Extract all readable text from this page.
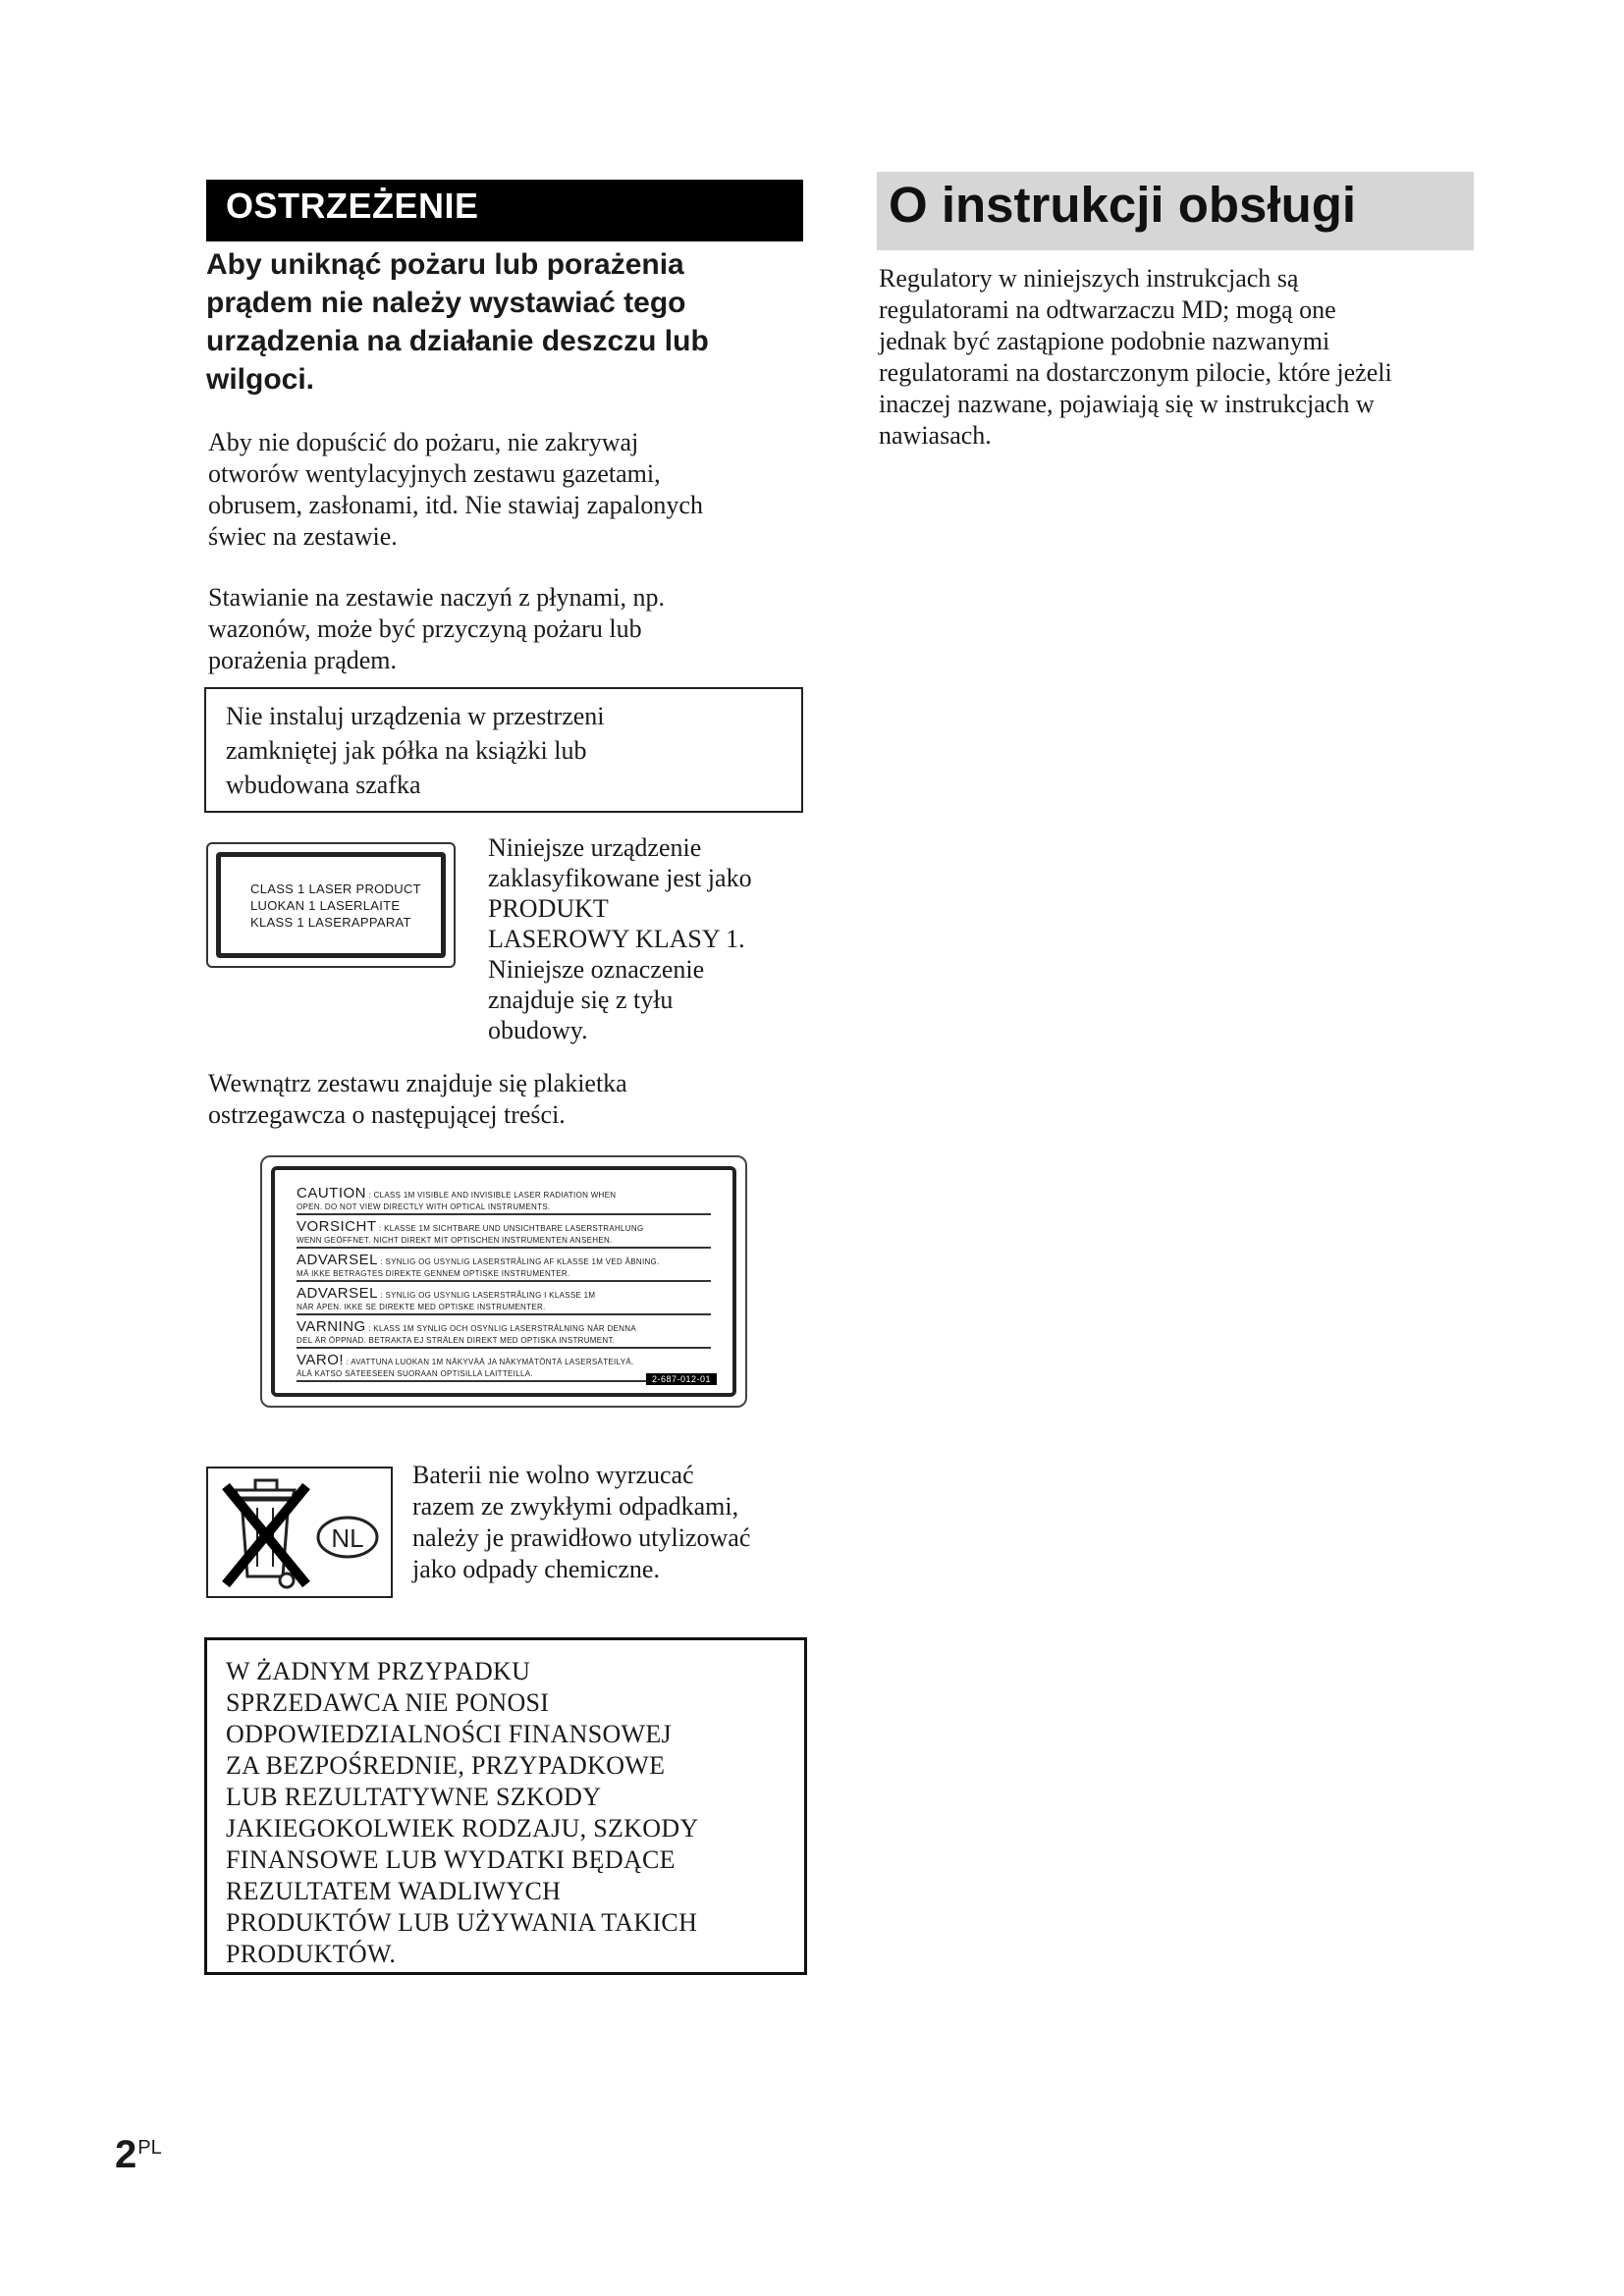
OSTRZEŻENIE
Aby uniknąć pożaru lub porażenia
prądem nie należy wystawiać tego
urządzenia na działanie deszczu lub
wilgoci.
Aby nie dopuścić do pożaru, nie zakrywaj
otworów wentylacyjnych zestawu gazetami,
obrusem, zasłonami, itd. Nie stawiaj zapalonych
świec na zestawie.
Stawianie na zestawie naczyń z płynami, np.
wazonów, może być przyczyną pożaru lub
porażenia prądem.
Nie instaluj urządzenia w przestrzeni
zamkniętej jak półka na książki lub
wbudowana szafka
CLASS 1 LASER PRODUCT
LUOKAN 1 LASERLAITE
KLASS 1 LASERAPPARAT
Niniejsze urządzenie
zaklasyfikowane jest jako
PRODUKT
LASEROWY KLASY 1.
Niniejsze oznaczenie
znajduje się z tyłu
obudowy.
Wewnątrz zestawu znajduje się plakietka
ostrzegawcza o następującej treści.
CAUTION : CLASS 1M VISIBLE AND INVISIBLE LASER RADIATION WHEN
OPEN. DO NOT VIEW DIRECTLY WITH OPTICAL INSTRUMENTS.
VORSICHT : KLASSE 1M SICHTBARE UND UNSICHTBARE LASERSTRAHLUNG
WENN GEÖFFNET. NICHT DIREKT MIT OPTISCHEN INSTRUMENTEN ANSEHEN.
ADVARSEL : SYNLIG OG USYNLIG LASERSTRÅLING AF KLASSE 1M VED ÅBNING.
MÅ IKKE BETRAGTES DIREKTE GENNEM OPTISKE INSTRUMENTER.
ADVARSEL : SYNLIG OG USYNLIG LASERSTRÅLING I KLASSE 1M
NÅR ÅPEN. IKKE SE DIREKTE MED OPTISKE INSTRUMENTER.
VARNING : KLASS 1M SYNLIG OCH OSYNLIG LASERSTRÅLNING NÄR DENNA
DEL ÄR ÖPPNAD. BETRAKTA EJ STRÅLEN DIREKT MED OPTISKA INSTRUMENT.
VARO! : AVATTUNA LUOKAN 1M NÄKYVÄÄ JA NÄKYMÄTÖNTÄ LASERSÄTEILYÄ.
ÄLÄ KATSO SÄTEESEEN SUORAAN OPTISILLA LAITTEILLA.
2-687-012-01
NL
Baterii nie wolno wyrzucać
razem ze zwykłymi odpadkami,
należy je prawidłowo utylizować
jako odpady chemiczne.
W ŻADNYM PRZYPADKU
SPRZEDAWCA NIE PONOSI
ODPOWIEDZIALNOŚCI FINANSOWEJ
ZA BEZPOŚREDNIE, PRZYPADKOWE
LUB REZULTATYWNE SZKODY
JAKIEGOKOLWIEK RODZAJU, SZKODY
FINANSOWE LUB WYDATKI BĘDĄCE
REZULTATEM WADLIWYCH
PRODUKTÓW LUB UŻYWANIA TAKICH
PRODUKTÓW.
O instrukcji obsługi
Regulatory w niniejszych instrukcjach są
regulatorami na odtwarzaczu MD; mogą one
jednak być zastąpione podobnie nazwanymi
regulatorami na dostarczonym pilocie, które jeżeli
inaczej nazwane, pojawiają się w instrukcjach w
nawiasach.
$2^{PL}$
